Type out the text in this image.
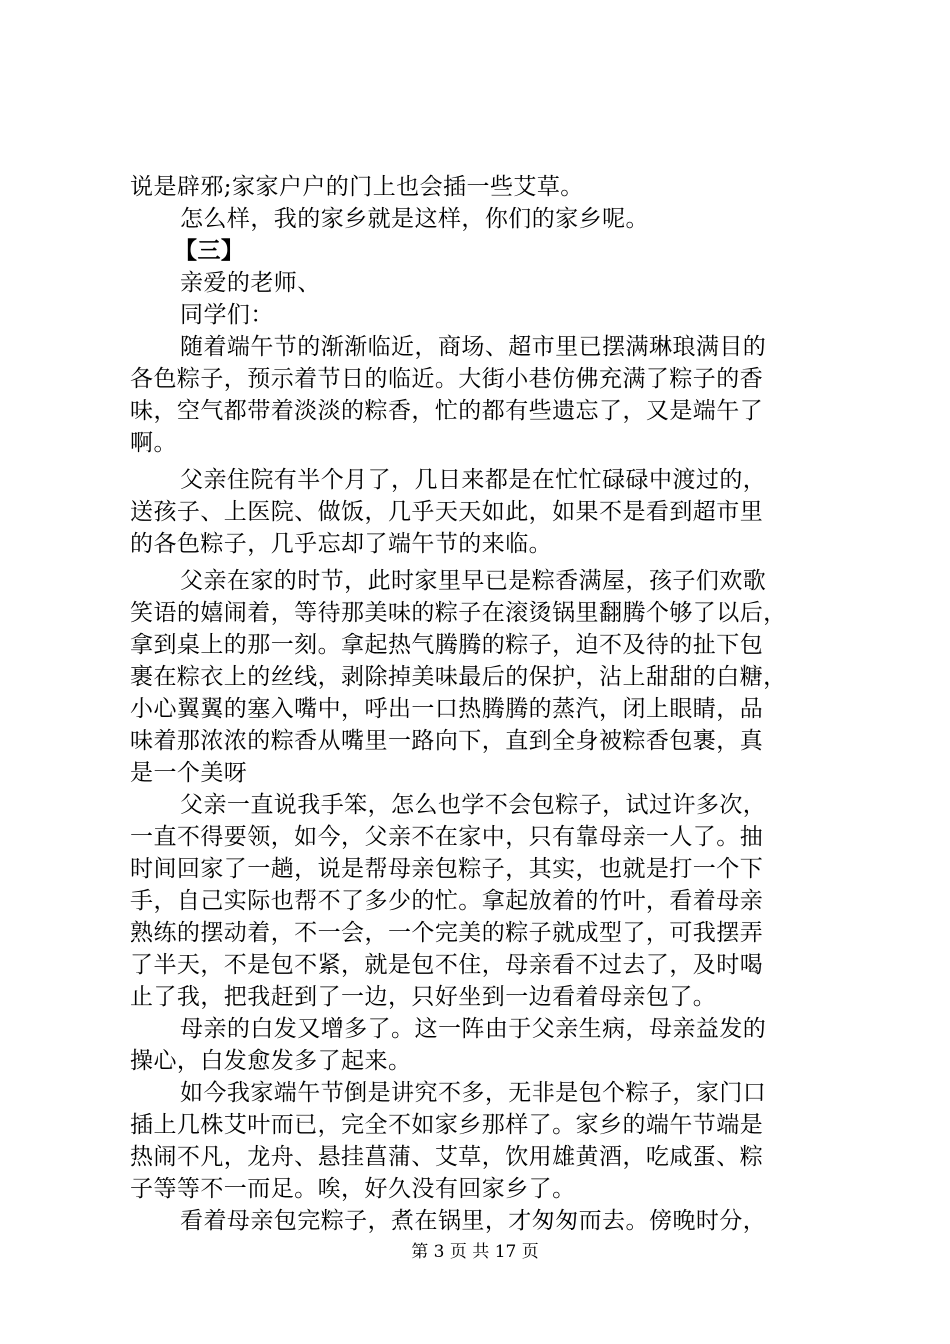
说是辟邪;家家户户的门上也会插一些艾草。
怎么样，我的家乡就是这样，你们的家乡呢。
【三】
亲爱的老师、
同学们：
随着端午节的渐渐临近，商场、超市里已摆满琳琅满目的
各色粽子，预示着节日的临近。大街小巷仿佛充满了粽子的香
味，空气都带着淡淡的粽香，忙的都有些遗忘了，又是端午了
啊。
父亲住院有半个月了，几日来都是在忙忙碌碌中渡过的，
送孩子、上医院、做饭，几乎天天如此，如果不是看到超市里
的各色粽子，几乎忘却了端午节的来临。
父亲在家的时节，此时家里早已是粽香满屋，孩子们欢歌
笑语的嬉闹着，等待那美味的粽子在滚烫锅里翻腾个够了以后，
拿到桌上的那一刻。拿起热气腾腾的粽子，迫不及待的扯下包
裹在粽衣上的丝线，剥除掉美味最后的保护，沾上甜甜的白糖，
小心翼翼的塞入嘴中，呼出一口热腾腾的蒸汽，闭上眼睛，品
味着那浓浓的粽香从嘴里一路向下，直到全身被粽香包裹，真
是一个美呀
父亲一直说我手笨，怎么也学不会包粽子，试过许多次，
一直不得要领，如今，父亲不在家中，只有靠母亲一人了。抽
时间回家了一趟，说是帮母亲包粽子，其实，也就是打一个下
手，自己实际也帮不了多少的忙。拿起放着的竹叶，看着母亲
熟练的摆动着，不一会，一个完美的粽子就成型了，可我摆弄
了半天，不是包不紧，就是包不住，母亲看不过去了，及时喝
止了我，把我赶到了一边，只好坐到一边看着母亲包了。
母亲的白发又增多了。这一阵由于父亲生病，母亲益发的
操心，白发愈发多了起来。
如今我家端午节倒是讲究不多，无非是包个粽子，家门口
插上几株艾叶而已，完全不如家乡那样了。家乡的端午节端是
热闹不凡，龙舟、悬挂菖蒲、艾草，饮用雄黄酒，吃咸蛋、粽
子等等不一而足。唉，好久没有回家乡了。
看着母亲包完粽子，煮在锅里，才匆匆而去。傍晚时分，
第 3 页 共 17 页
